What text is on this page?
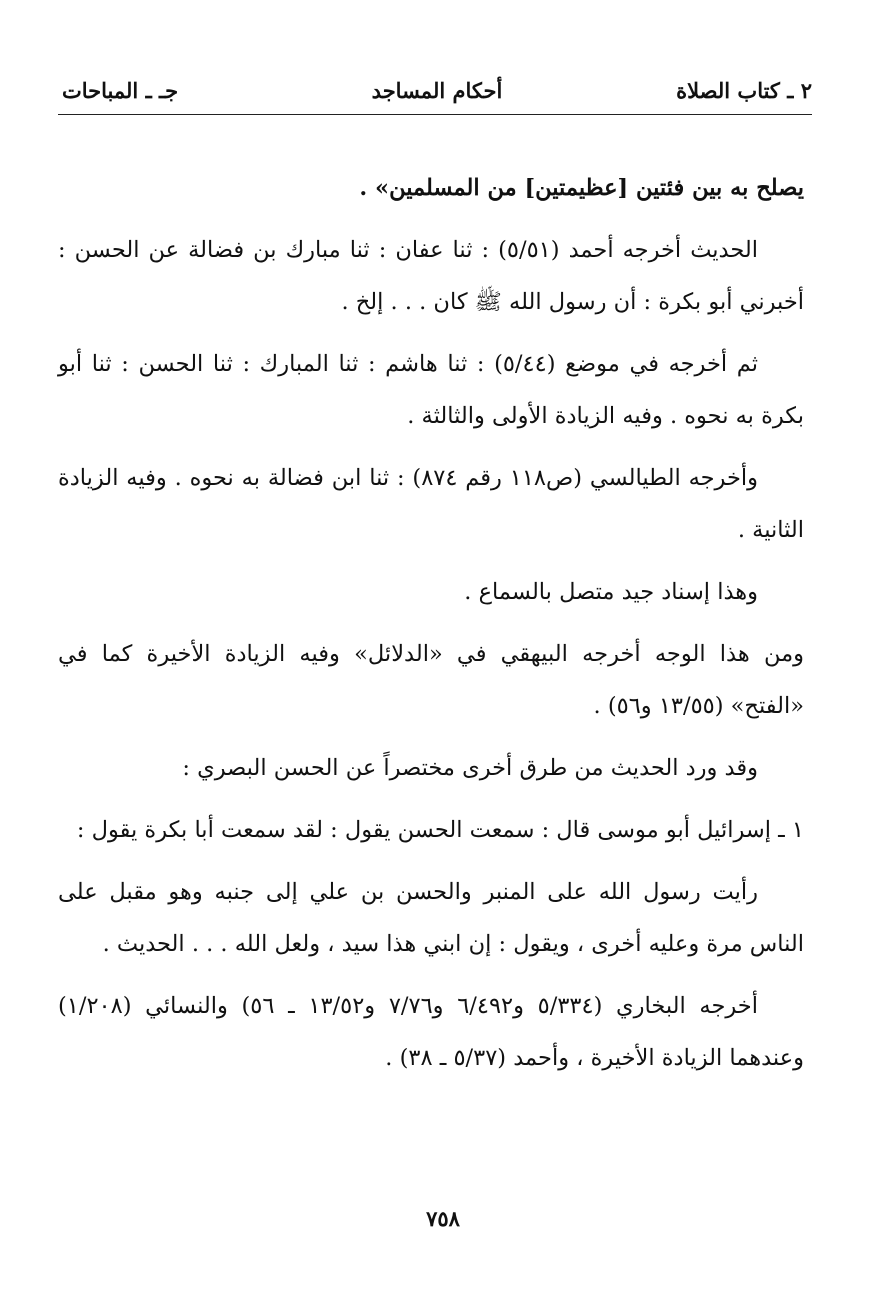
٢ ـ كتاب الصلاة
أحكام المساجد
جـ ـ المباحات

يصلح به بين فئتين [عظيمتين] من المسلمين» .

الحديث أخرجه أحمد (٥/٥١) : ثنا عفان : ثنا مبارك بن فضالة عن الحسن : أخبرني أبو بكرة : أن رسول الله ﷺ كان . . . إلخ .

ثم أخرجه في موضع (٥/٤٤) : ثنا هاشم : ثنا المبارك : ثنا الحسن : ثنا أبو بكرة به نحوه . وفيه الزيادة الأولى والثالثة .

وأخرجه الطيالسي (ص١١٨ رقم ٨٧٤) : ثنا ابن فضالة به نحوه . وفيه الزيادة الثانية .

وهذا إسناد جيد متصل بالسماع .

ومن هذا الوجه أخرجه البيهقي في «الدلائل» وفيه الزيادة الأخيرة كما في «الفتح» (١٣/٥٥ و٥٦) .

وقد ورد الحديث من طرق أخرى مختصراً عن الحسن البصري :

١ ـ إسرائيل أبو موسى قال : سمعت الحسن يقول : لقد سمعت أبا بكرة يقول :

رأيت رسول الله على المنبر والحسن بن علي إلى جنبه وهو مقبل على الناس مرة وعليه أخرى ، ويقول : إن ابني هذا سيد ، ولعل الله . . . الحديث .

أخرجه البخاري (٥/٣٣٤ و٦/٤٩٢ و٧/٧٦ و١٣/٥٢ ـ ٥٦) والنسائي (١/٢٠٨) وعندهما الزيادة الأخيرة ، وأحمد (٥/٣٧ ـ ٣٨) .

٧٥٨
